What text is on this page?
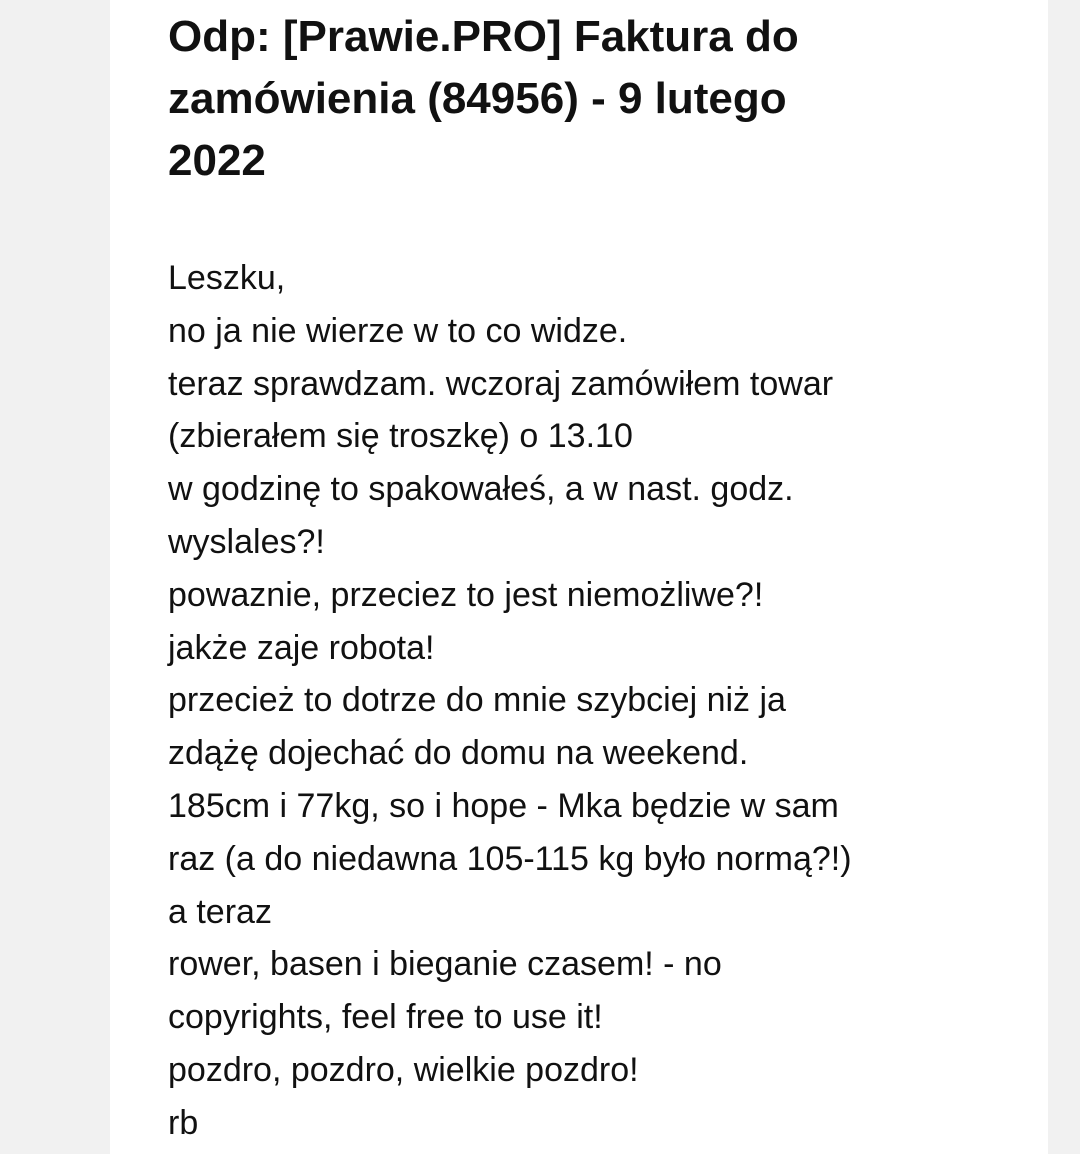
Odp: [Prawie.PRO] Faktura do
zamówienia (84956) - 9 lutego
2022
Leszku,
no ja nie wierze w to co widze.
teraz sprawdzam. wczoraj zamówiłem towar
(zbierałem się troszkę) o 13.10
w godzinę to spakowałeś, a w nast. godz.
wyslales?!
powaznie, przeciez to jest niemożliwe?!
jakże zaje robota!
przecież to dotrze do mnie szybciej niż ja
zdążę dojechać do domu na weekend.
185cm i 77kg, so i hope - Mka będzie w sam
raz (a do niedawna 105-115 kg było normą?!)
a teraz
rower, basen i bieganie czasem! - no
copyrights, feel free to use it!
pozdro, pozdro, wielkie pozdro!
rb
